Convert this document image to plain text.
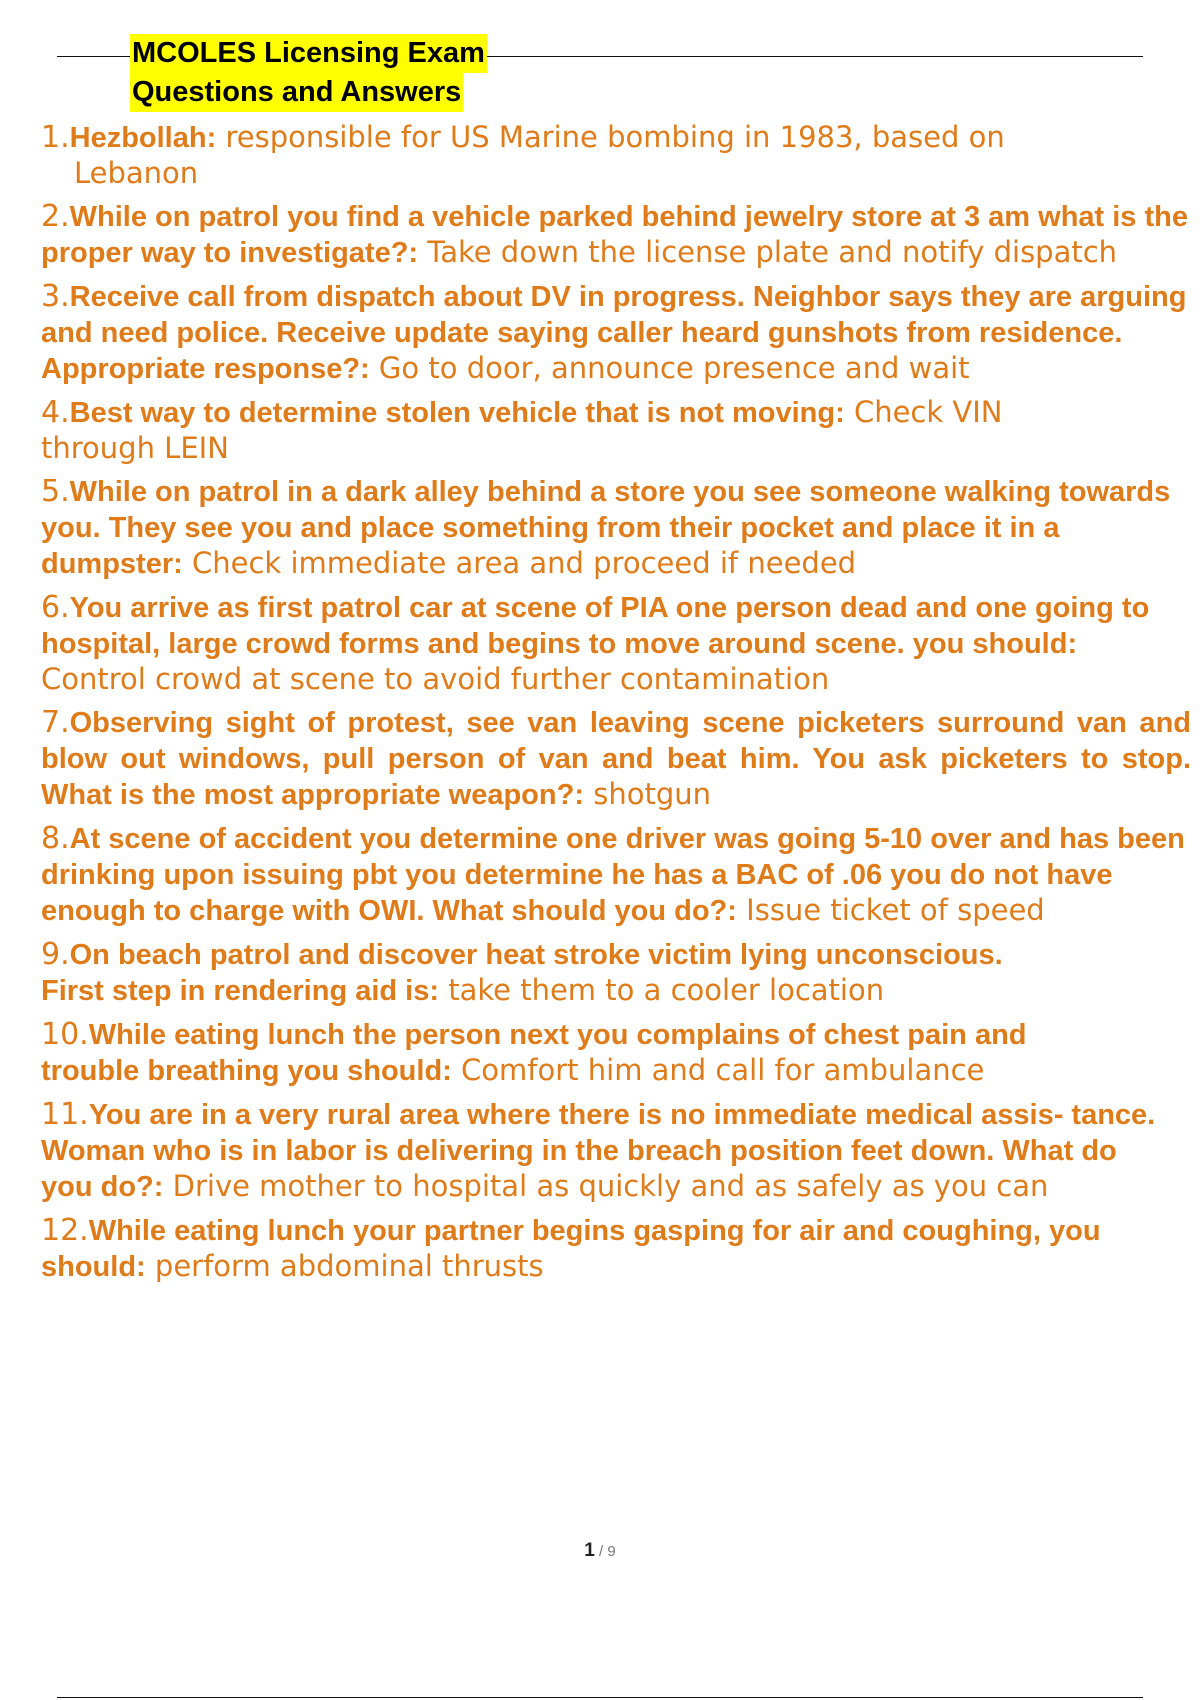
MCOLES Licensing Exam
Questions and Answers
1.Hezbollah: responsible for US Marine bombing in 1983, based on Lebanon
2.While on patrol you find a vehicle parked behind jewelry store at 3 am what is the proper way to investigate?: Take down the license plate and notify dispatch
3.Receive call from dispatch about DV in progress. Neighbor says they are arguing and need police. Receive update saying caller heard gunshots from residence. Appropriate response?: Go to door, announce presence and wait
4.Best way to determine stolen vehicle that is not moving: Check VIN through LEIN
5.While on patrol in a dark alley behind a store you see someone walking towards you. They see you and place something from their pocket and place it in a dumpster: Check immediate area and proceed if needed
6.You arrive as first patrol car at scene of PIA one person dead and one going to hospital, large crowd forms and begins to move around scene. you should: Control crowd at scene to avoid further contamination
7.Observing sight of protest, see van leaving scene picketers surround van and blow out windows, pull person of van and beat him. You ask picketers to stop. What is the most appropriate weapon?: shotgun
8.At scene of accident you determine one driver was going 5-10 over and has been drinking upon issuing pbt you determine he has a BAC of .06 you do not have enough to charge with OWI. What should you do?: Issue ticket of speed
9.On beach patrol and discover heat stroke victim lying unconscious. First step in rendering aid is: take them to a cooler location
10.While eating lunch the person next you complains of chest pain and trouble breathing you should: Comfort him and call for ambulance
11.You are in a very rural area where there is no immediate medical assis- tance. Woman who is in labor is delivering in the breach position feet down. What do you do?: Drive mother to hospital as quickly and as safely as you can
12.While eating lunch your partner begins gasping for air and coughing, you should: perform abdominal thrusts
1 / 9
